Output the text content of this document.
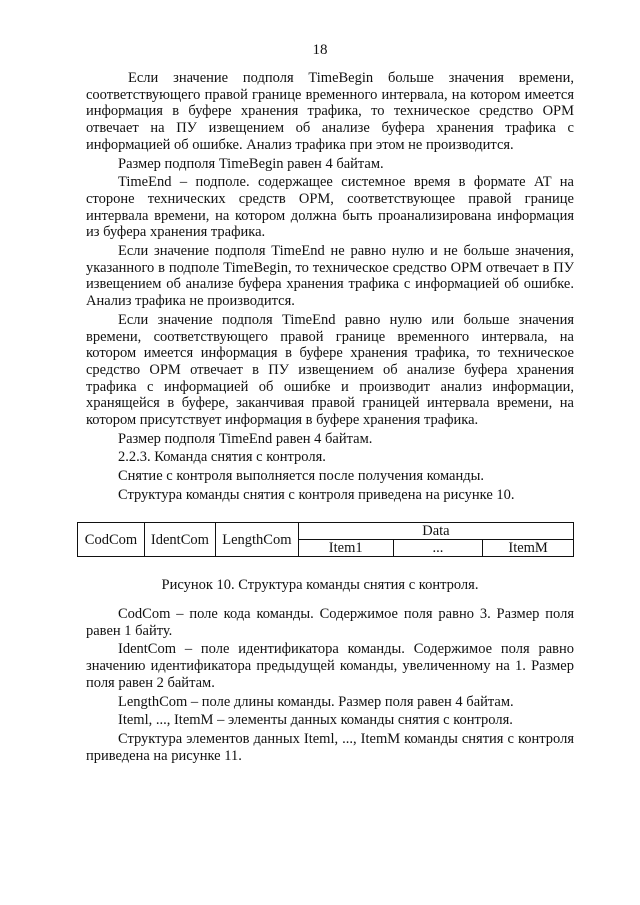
18

Если значение подполя TimeBegin больше значения времени, соответствующего правой границе временного интервала, на котором имеется информация в буфере хранения трафика, то техническое средство ОРМ отвечает на ПУ извещением об анализе буфера хранения трафика с информацией об ошибке. Анализ трафика при этом не производится.

Размер подполя TimeBegin равен 4 байтам.

TimeEnd – подполе. содержащее системное время в формате AT на стороне технических средств ОРМ, соответствующее правой границе интервала времени, на котором должна быть проанализирована информация из буфера хранения трафика.

Если значение подполя TimeEnd не равно нулю и не больше значения, указанного в подполе TimeBegin, то техническое средство ОРМ отвечает в ПУ извещением об анализе буфера хранения трафика с информацией об ошибке. Анализ трафика не производится.

Если значение подполя TimeEnd равно нулю или больше значения времени, соответствующего правой границе временного интервала, на котором имеется информация в буфере хранения трафика, то техническое средство ОРМ отвечает в ПУ извещением об анализе буфера хранения трафика с информацией об ошибке и производит анализ информации, хранящейся в буфере, заканчивая правой границей интервала времени, на котором присутствует информация в буфере хранения трафика.

Размер подполя TimeEnd равен 4 байтам.

2.2.3. Команда снятия с контроля.

Снятие с контроля выполняется после получения команды.

Структура команды снятия с контроля приведена на рисунке 10.

CodCom	IdentCom	LengthCom	Data		
			Item1	...	ItemM
Рисунок 10. Структура команды снятия с контроля.

CodCom – поле кода команды. Содержимое поля равно 3. Размер поля равен 1 байту.

IdentCom – поле идентификатора команды. Содержимое поля равно значению идентификатора предыдущей команды, увеличенному на 1. Размер поля равен 2 байтам.

LengthCom – поле длины команды. Размер поля равен 4 байтам.

Iteml, ..., ItemM – элементы данных команды снятия с контроля.

Структура элементов данных Iteml, ..., ItemM команды снятия с контроля приведена на рисунке 11.
